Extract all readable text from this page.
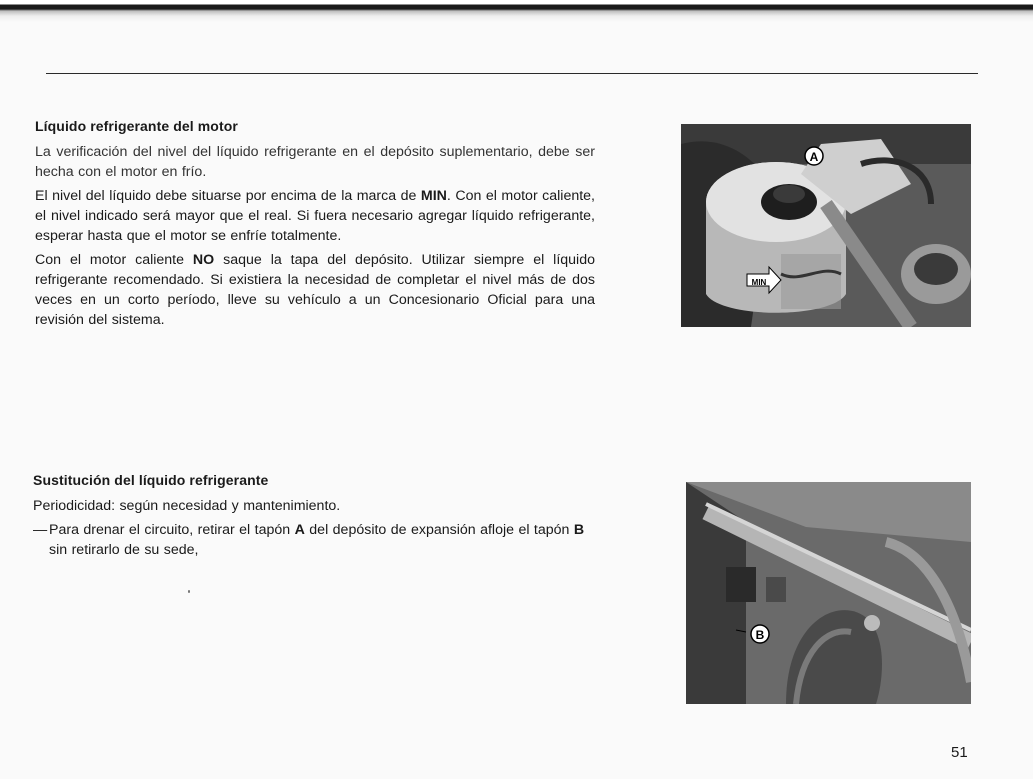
Líquido refrigerante del motor

La verificación del nivel del líquido refrigerante en el depósito suplementario, debe ser hecha con el motor en frío.

El nivel del líquido debe situarse por encima de la marca de MIN. Con el motor caliente, el nivel indicado será mayor que el real. Si fuera necesario agregar líquido refrigerante, esperar hasta que el motor se enfríe totalmente.

Con el motor caliente NO saque la tapa del depósito. Utilizar siempre el líquido refrigerante recomendado. Si existiera la necesidad de completar el nivel más de dos veces en un corto período, lleve su vehículo a un Concesionario Oficial para una revisión del sistema.

Sustitución del líquido refrigerante

Periodicidad: según necesidad y mantenimiento.

— Para drenar el circuito, retirar el tapón A del depósito de expansión afloje el tapón B sin retirarlo de su sede,

A
MIN
B
51
